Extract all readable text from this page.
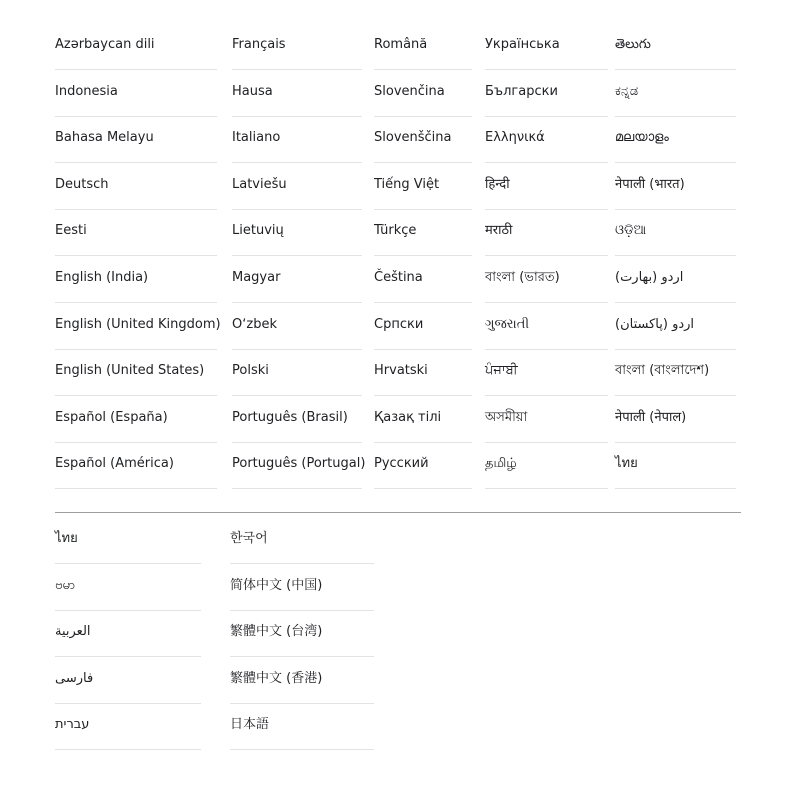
Azərbaycan dili
Indonesia
Bahasa Melayu
Deutsch
Eesti
English (India)
English (United Kingdom)
English (United States)
Español (España)
Español (América)
Français
Hausa
Italiano
Latviešu
Lietuvių
Magyar
Oʻzbek
Polski
Português (Brasil)
Português (Portugal)
Română
Slovenčina
Slovenščina
Tiếng Việt
Türkçe
Čeština
Српски
Hrvatski
Қазақ тілі
Русский
Українська
Български
Ελληνικά
हिन्दी
मराठी
বাংলা (ভারত)
ગુજરાતી
ਪੰਜਾਬੀ
অসমীয়া
தமிழ்
తెలుగు
ಕನ್ನಡ
മലയാളം
नेपाली (भारत)
ଓଡ଼ିଆ
اردو (بھارت)
اردو (پاکستان)
বাংলা (বাংলাদেশ)
नेपाली (नेपाल)
ไทย
ไทย
ဗမာ
العربية
فارسی
עברית
한국어
简体中文 (中国)
繁體中文 (台湾)
繁體中文 (香港)
日本語
